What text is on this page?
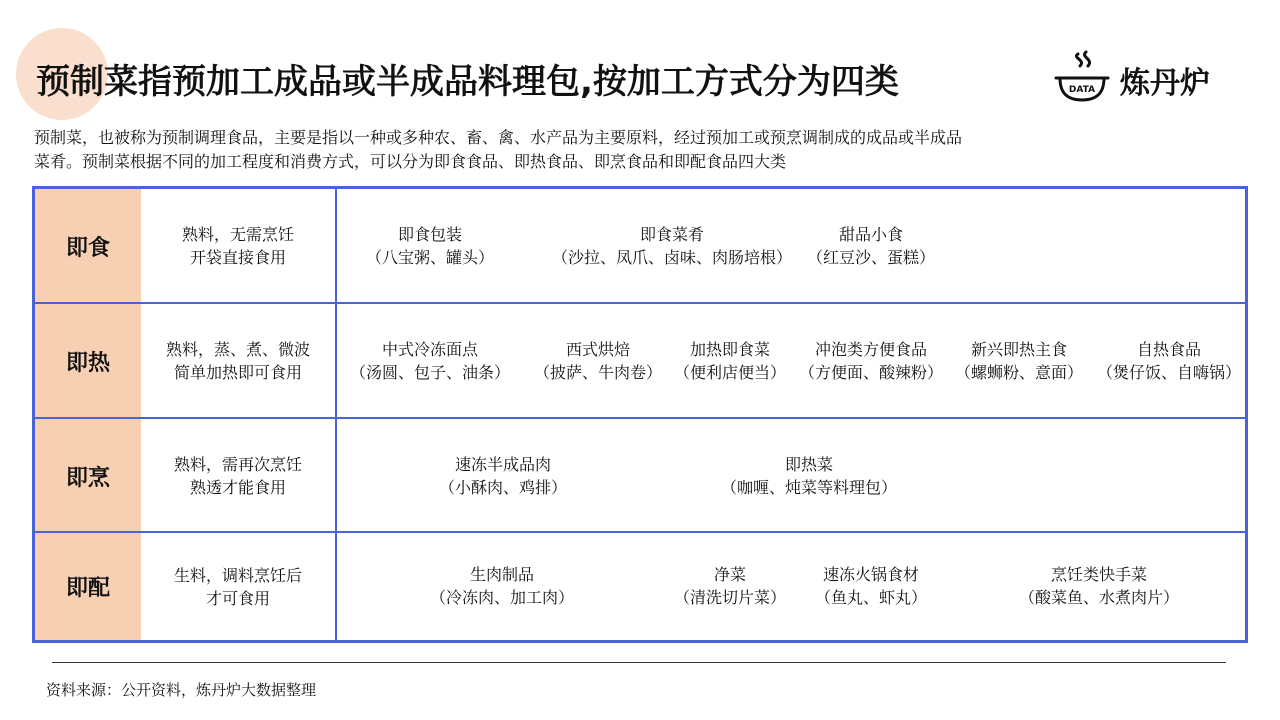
预制菜指预加工成品或半成品料理包,按加工方式分为四类	DATA 炼丹炉
预制菜，也被称为预制调理食品，主要是指以一种或多种农、畜、禽、水产品为主要原料，经过预加工或预烹调制成的成品或半成品
菜肴。预制菜根据不同的加工程度和消费方式，可以分为即食食品、即热食品、即烹食品和即配食品四大类
即食
熟料，无需烹饪
开袋直接食用
即食包装
（八宝粥、罐头）
即食菜肴
（沙拉、凤爪、卤味、肉肠培根）
甜品小食
（红豆沙、蛋糕）
即热
熟料，蒸、煮、微波
简单加热即可食用
中式冷冻面点
（汤圆、包子、油条）
西式烘焙
（披萨、牛肉卷）
加热即食菜
（便利店便当）
冲泡类方便食品
（方便面、酸辣粉）
新兴即热主食
（螺蛳粉、意面）
自热食品
（煲仔饭、自嗨锅）
即烹
熟料，需再次烹饪
熟透才能食用
速冻半成品肉
（小酥肉、鸡排）
即热菜
（咖喱、炖菜等料理包）
即配
生料，调料烹饪后
才可食用
生肉制品
（冷冻肉、加工肉）
净菜
（清洗切片菜）
速冻火锅食材
（鱼丸、虾丸）
烹饪类快手菜
（酸菜鱼、水煮肉片）
资料来源：公开资料，炼丹炉大数据整理
